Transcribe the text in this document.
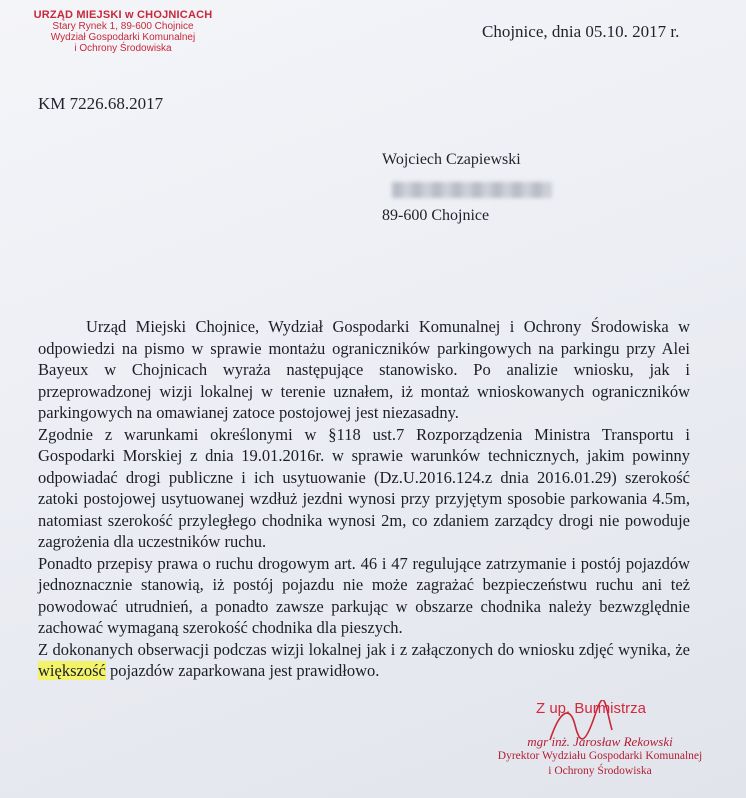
URZĄD MIEJSKI w CHOJNICACH
Stary Rynek 1, 89-600 Chojnice
Wydział Gospodarki Komunalnej
i Ochrony Środowiska
Chojnice, dnia 05.10. 2017 r.
KM 7226.68.2017
Wojciech Czapiewski
89-600 Chojnice

Urząd Miejski Chojnice, Wydział Gospodarki Komunalnej i Ochrony Środowiska w odpowiedzi na pismo w sprawie montażu ograniczników parkingowych na parkingu przy Alei Bayeux w Chojnicach wyraża następujące stanowisko. Po analizie wniosku, jak i przeprowadzonej wizji lokalnej w terenie uznałem, iż montaż wnioskowanych ograniczników parkingowych na omawianej zatoce postojowej jest niezasadny.

Zgodnie z warunkami określonymi w §118 ust.7 Rozporządzenia Ministra Transportu i Gospodarki Morskiej z dnia 19.01.2016r. w sprawie warunków technicznych, jakim powinny odpowiadać drogi publiczne i ich usytuowanie (Dz.U.2016.124.z dnia 2016.01.29) szerokość zatoki postojowej usytuowanej wzdłuż jezdni wynosi przy przyjętym sposobie parkowania 4.5m, natomiast szerokość przyległego chodnika wynosi 2m, co zdaniem zarządcy drogi nie powoduje zagrożenia dla uczestników ruchu.

Ponadto przepisy prawa o ruchu drogowym art. 46 i 47 regulujące zatrzymanie i postój pojazdów jednoznacznie stanowią, iż postój pojazdu nie może zagrażać bezpieczeństwu ruchu ani też powodować utrudnień, a ponadto zawsze parkując w obszarze chodnika należy bezwzględnie zachować wymaganą szerokość chodnika dla pieszych.

Z dokonanych obserwacji podczas wizji lokalnej jak i z załączonych do wniosku zdjęć wynika, że większość pojazdów zaparkowana jest prawidłowo.

Z up. Burmistrza
mgr inż. Jarosław Rekowski
Dyrektor Wydziału Gospodarki Komunalnej
i Ochrony Środowiska
